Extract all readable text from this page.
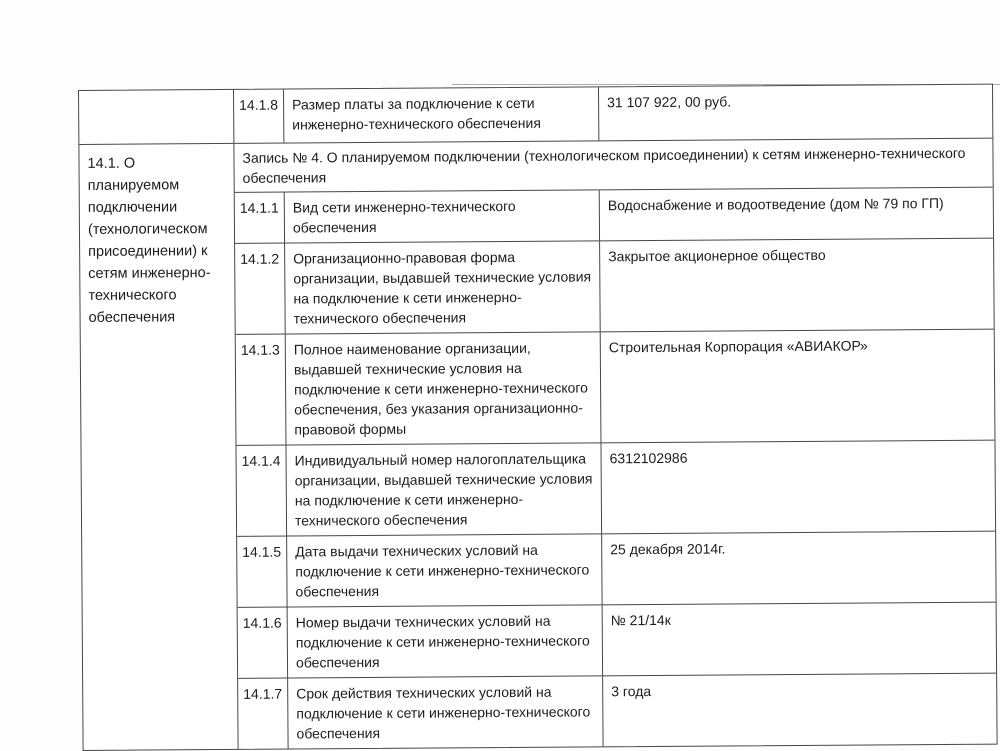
14.1. О планируемом подключении (технологическом присоединении) к сетям инженерно-технического обеспечения
14.1.8 Размер платы за подключение к сети инженерно-технического обеспечения
31 107 922, 00 руб.
Запись № 4. О планируемом подключении (технологическом присоединении) к сетям инженерно-технического обеспечения
14.1.1 Вид сети инженерно-технического обеспечения
Водоснабжение и водоотведение (дом № 79 по ГП)
14.1.2 Организационно-правовая форма организации, выдавшей технические условия на подключение к сети инженерно-технического обеспечения
Закрытое акционерное общество
14.1.3 Полное наименование организации, выдавшей технические условия на подключение к сети инженерно-технического обеспечения, без указания организационно-правовой формы
Строительная Корпорация «АВИАКОР»
14.1.4 Индивидуальный номер налогоплательщика организации, выдавшей технические условия на подключение к сети инженерно-технического обеспечения
6312102986
14.1.5 Дата выдачи технических условий на подключение к сети инженерно-технического обеспечения
25 декабря 2014г.
14.1.6 Номер выдачи технических условий на подключение к сети инженерно-технического обеспечения
№ 21/14к
14.1.7 Срок действия технических условий на подключение к сети инженерно-технического обеспечения
3 года
